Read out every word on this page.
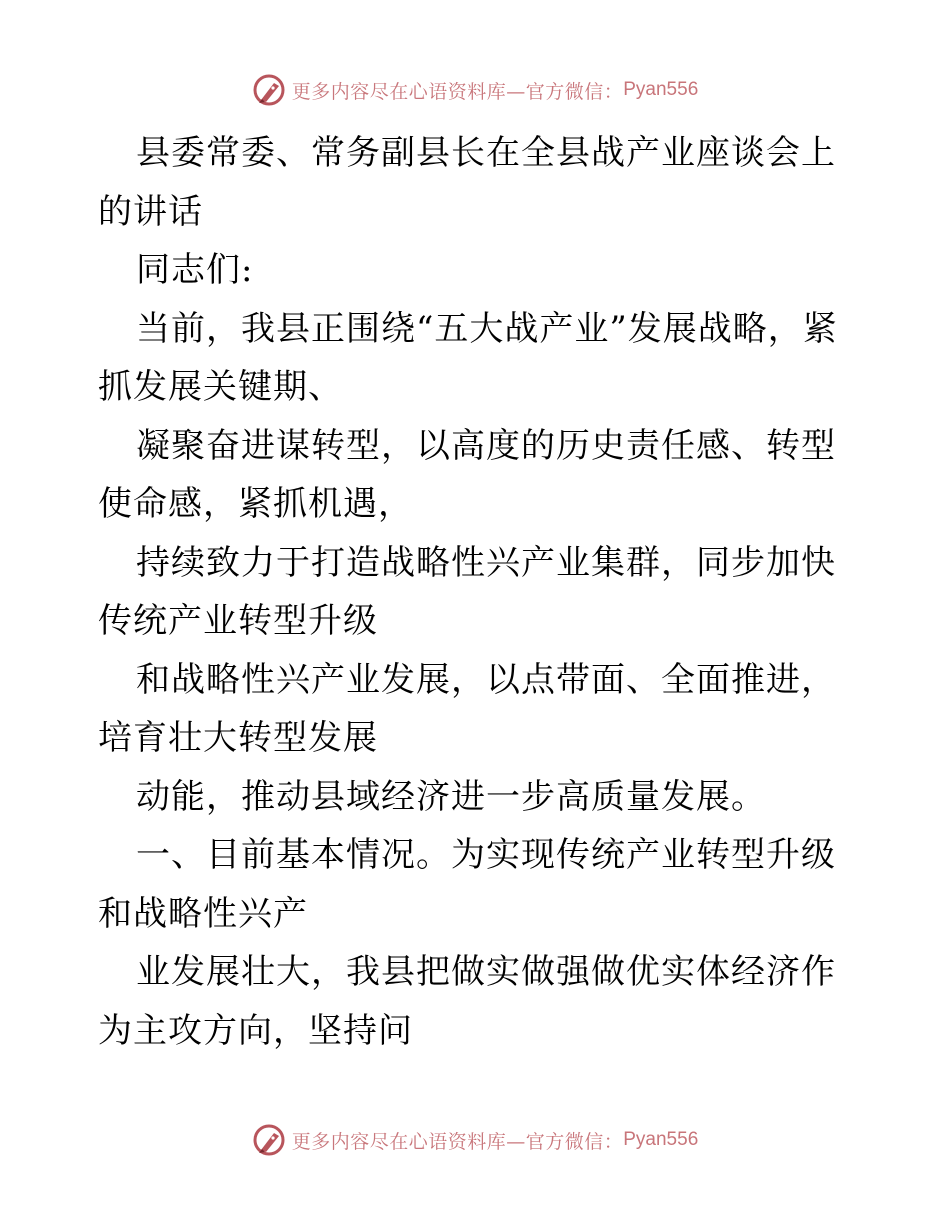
更多内容尽在心语资料库—官方微信： Pyan556

县委常委、常务副县长在全县战产业座谈会上的讲话

同志们:

当前，我县正围绕“五大战产业”发展战略，紧抓发展关键期、

凝聚奋进谋转型，以高度的历史责任感、转型使命感，紧抓机遇，

持续致力于打造战略性兴产业集群，同步加快传统产业转型升级

和战略性兴产业发展，以点带面、全面推进，培育壮大转型发展

动能，推动县域经济进一步高质量发展。

一、目前基本情况。为实现传统产业转型升级和战略性兴产

业发展壮大，我县把做实做强做优实体经济作为主攻方向，坚持问

更多内容尽在心语资料库—官方微信： Pyan556
